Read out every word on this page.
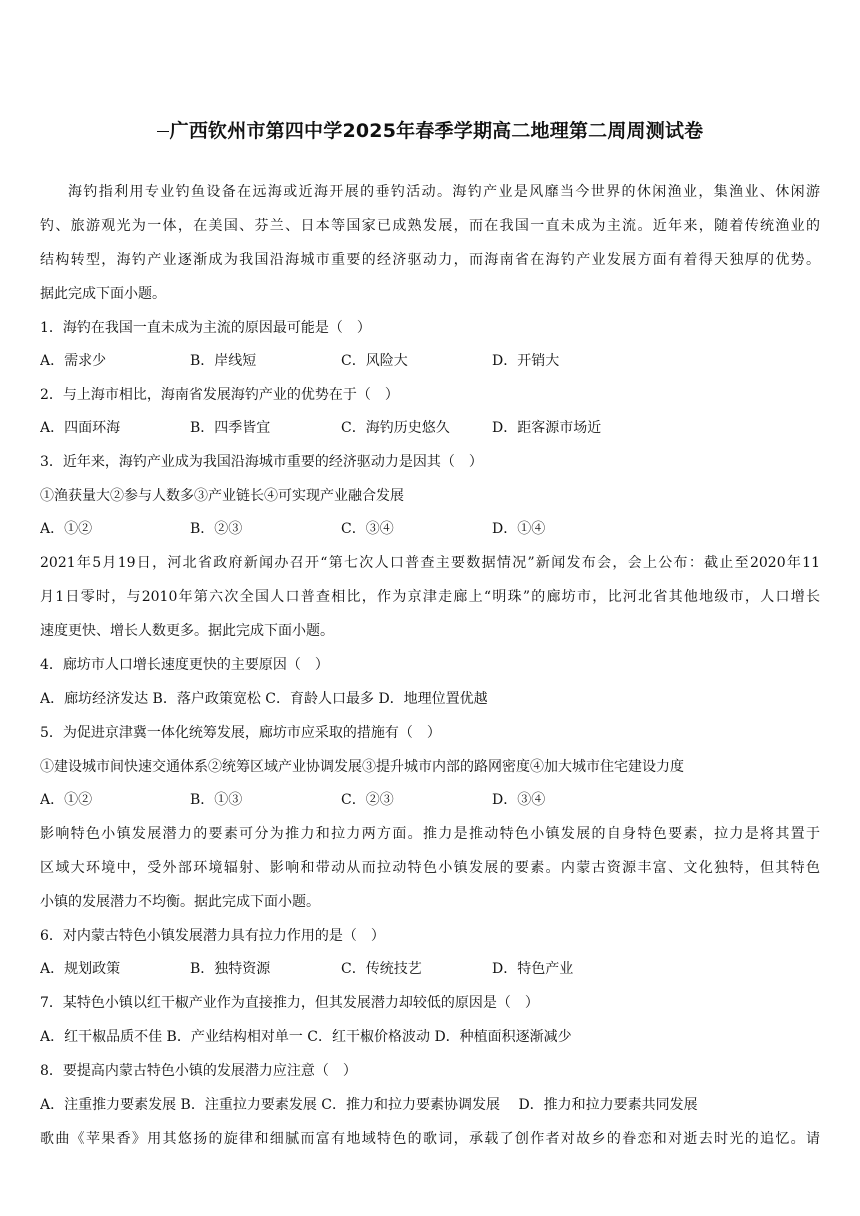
广西钦州市第四中学2025年春季学期高二地理第二周周测试卷
海钓指利用专业钓鱼设备在远海或近海开展的垂钓活动。海钓产业是风靡当今世界的休闲渔业，集渔业、休闲游
钓、旅游观光为一体，在美国、芬兰、日本等国家已成熟发展，而在我国一直未成为主流。近年来，随着传统渔业的
结构转型，海钓产业逐渐成为我国沿海城市重要的经济驱动力，而海南省在海钓产业发展方面有着得天独厚的优势。
据此完成下面小题。
1．海钓在我国一直未成为主流的原因最可能是（　）
A．需求少	B．岸线短	C．风险大	D．开销大
2．与上海市相比，海南省发展海钓产业的优势在于（　）
A．四面环海	B．四季皆宜	C．海钓历史悠久	D．距客源市场近
3．近年来，海钓产业成为我国沿海城市重要的经济驱动力是因其（　）
①渔获量大②参与人数多③产业链长④可实现产业融合发展
A．①②	B．②③	C．③④	D．①④
2021年5月19日，河北省政府新闻办召开“第七次人口普查主要数据情况”新闻发布会，会上公布：截止至2020年11
月1日零时，与2010年第六次全国人口普查相比，作为京津走廊上“明珠”的廊坊市，比河北省其他地级市，人口增长
速度更快、增长人数更多。据此完成下面小题。
4．廊坊市人口增长速度更快的主要原因（　）
A．廊坊经济发达 B．落户政策宽松 C．育龄人口最多 D．地理位置优越
5．为促进京津冀一体化统筹发展，廊坊市应采取的措施有（　）
①建设城市间快速交通体系②统筹区域产业协调发展③提升城市内部的路网密度④加大城市住宅建设力度
A．①②	B．①③	C．②③	D．③④
影响特色小镇发展潜力的要素可分为推力和拉力两方面。推力是推动特色小镇发展的自身特色要素，拉力是将其置于
区域大环境中，受外部环境辐射、影响和带动从而拉动特色小镇发展的要素。内蒙古资源丰富、文化独特，但其特色
小镇的发展潜力不均衡。据此完成下面小题。
6．对内蒙古特色小镇发展潜力具有拉力作用的是（　）
A．规划政策	B．独特资源	C．传统技艺	D．特色产业
7．某特色小镇以红干椒产业作为直接推力，但其发展潜力却较低的原因是（　）
A．红干椒品质不佳 B．产业结构相对单一 C．红干椒价格波动 D．种植面积逐渐减少
8．要提高内蒙古特色小镇的发展潜力应注意（　）
A．注重推力要素发展 B．注重拉力要素发展 C．推力和拉力要素协调发展　 D．推力和拉力要素共同发展
歌曲《苹果香》用其悠扬的旋律和细腻而富有地域特色的歌词，承载了创作者对故乡的眷恋和对逝去时光的追忆。请
